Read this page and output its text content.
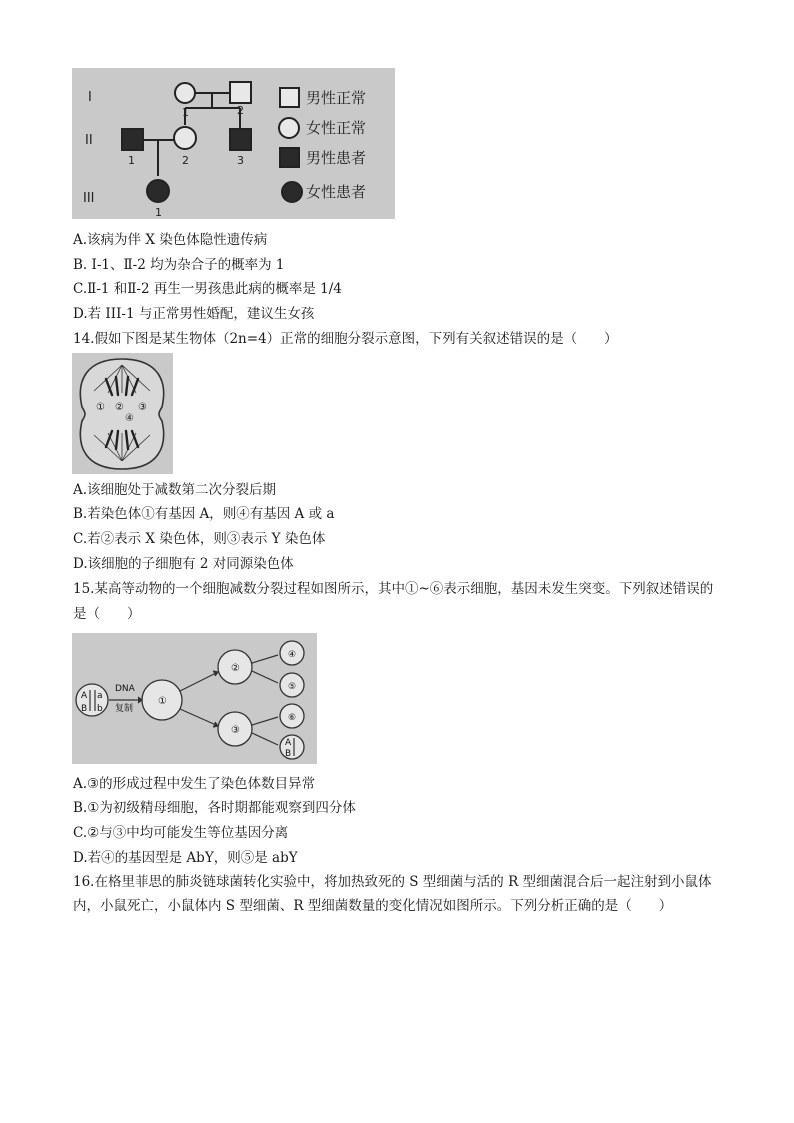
I
II
III
1	2
1	2	3
1
男性正常
女性正常
男性患者
女性患者
A.该病为伴 X 染色体隐性遗传病
B. Ⅰ-1、Ⅱ-2 均为杂合子的概率为 1
C.Ⅱ-1 和Ⅱ-2 再生一男孩患此病的概率是 1/4
D.若 III-1 与正常男性婚配，建议生女孩
14.假如下图是某生物体（2n=4）正常的细胞分裂示意图，下列有关叙述错误的是（　　）
① ② ③
④
A.该细胞处于减数第二次分裂后期
B.若染色体①有基因 A，则④有基因 A 或 a
C.若②表示 X 染色体，则③表示 Y 染色体
D.该细胞的子细胞有 2 对同源染色体
15.某高等动物的一个细胞减数分裂过程如图所示，其中①~⑥表示细胞，基因未发生突变。下列叙述错误的
是（　　）
DNA
复制
A a
B b
①
②
③
④
⑤
⑥
A
B
A.③的形成过程中发生了染色体数目异常
B.①为初级精母细胞，各时期都能观察到四分体
C.②与③中均可能发生等位基因分离
D.若④的基因型是 AbY，则⑤是 abY
16.在格里菲思的肺炎链球菌转化实验中，将加热致死的 S 型细菌与活的 R 型细菌混合后一起注射到小鼠体内，小鼠死亡，小鼠体内 S 型细菌、R 型细菌数量的变化情况如图所示。下列分析正确的是（　　）
